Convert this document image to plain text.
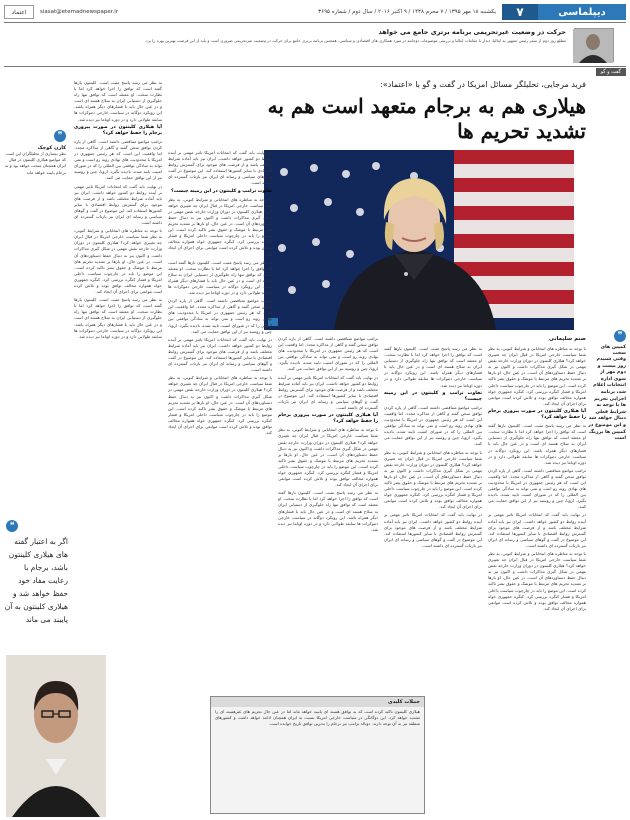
دیپلماسی
۷
یکشنبه ۱۸ مهر ۱۳۹۵ / ۷ محرم ۱۴۳۸ / ۹ اکتبر ۲۰۱۶ / سال دوم / شماره ۳۶۹۵
siasat@etemadnewspaper.ir
اعتماد
حرکت در وضعیت غیرتحریمی برنامه برتری جامع می خواهد
مطلع روز دوم از سفر رئیس جمهور به ایتالیا، دیدار با مقامات ایتالیا و بررسی موضوعات دوجانبه در مورد همکاری های اقتصادی و سیاسی. همچنین برنامه برتری جامع برای حرکت در وضعیت غیرتحریمی ضروری است و باید از این فرصت بهترین بهره را برد.
گفت و گو
فرید مرجایی، تحلیلگر مسائل امریکا در گفت و گو با «اعتماد»:
هیلاری هم به برجام متعهد است هم به تشدید تحریم ها
صنم سلیمانی	❞
کمپین های سخت
وقتی شنیدم روز بیست و دوم مهر از سوی اداره انتخابات اعلام شد، برنامه اجرایی تحریم ها با توجه به شرایط فعلی دنبال خواهد شد و این موضوع در کمپین ها پررنگ است

با توجه به مناظره های انتخاباتی و شرایط کنونی، به نظر شما سیاست خارجی امریکا در قبال ایران چه تغییری خواهد کرد؟ هیلاری کلینتون در دوران وزارت خارجه نقش مهمی در شکل گیری مذاکرات داشت و اکنون نیز به دنبال حفظ دستاوردهای آن است. در عین حال، او بارها بر تشدید تحریم های مرتبط با موشک و حقوق بشر تاکید کرده است. این موضع را باید در چارچوب سیاست داخلی امریکا و فشار کنگره بررسی کرد. کنگره جمهوری خواه همواره مخالف توافق بوده و تلاش کرده است موانعی برای اجرای آن ایجاد کند.

آیا هیلاری کلینتون در صورت پیروزی برجام را حفظ خواهد کرد؟

به نظر می رسد پاسخ مثبت است. کلینتون بارها گفته است که توافق را اجرا خواهد کرد اما با نظارت سخت. او معتقد است که توافق تنها راه جلوگیری از دستیابی ایران به سلاح هسته ای است و در عین حال باید با فشارهای دیگر همراه باشد. این رویکرد دوگانه در سیاست خارجی دموکرات ها سابقه طولانی دارد و در دوره اوباما نیز دیده شد.

ترامپ مواضع متناقضی داشته است. گاهی از پاره کردن توافق سخن گفته و گاهی از مذاکره مجدد. اما واقعیت این است که هر رئیس جمهوری در امریکا با محدودیت های نهادی روبه رو است و نمی تواند به سادگی توافقی بین المللی را که در شورای امنیت تایید شده، نادیده بگیرد. اروپا، چین و روسیه نیز از این توافق حمایت می کنند.

در نهایت باید گفت که انتخابات امریکا تاثیر مهمی بر آینده روابط دو کشور خواهد داشت. ایران نیز باید آماده شرایط مختلف باشد و از فرصت های موجود برای گسترش روابط اقتصادی با سایر کشورها استفاده کند. این موضوع در گفت و گوهای سیاسی و رسانه ای ایران نیز بازتاب گسترده ای داشته است.

با توجه به مناظره های انتخاباتی و شرایط کنونی، به نظر شما سیاست خارجی امریکا در قبال ایران چه تغییری خواهد کرد؟ هیلاری کلینتون در دوران وزارت خارجه نقش مهمی در شکل گیری مذاکرات داشت و اکنون نیز به دنبال حفظ دستاوردهای آن است. در عین حال، او بارها بر تشدید تحریم های مرتبط با موشک و حقوق بشر تاکید کرده است. این موضع را باید در چارچوب سیاست داخلی امریکا و فشار کنگره بررسی کرد. کنگره جمهوری خواه همواره مخالف توافق بوده و تلاش کرده است موانعی برای اجرای آن ایجاد کند.

به نظر می رسد پاسخ مثبت است. کلینتون بارها گفته است که توافق را اجرا خواهد کرد اما با نظارت سخت. او معتقد است که توافق تنها راه جلوگیری از دستیابی ایران به سلاح هسته ای است و در عین حال باید با فشارهای دیگر همراه باشد. این رویکرد دوگانه در سیاست خارجی دموکرات ها سابقه طولانی دارد و در دوره اوباما نیز دیده شد.

تفاوت ترامپ و کلینتون در این زمینه چیست؟

ترامپ مواضع متناقضی داشته است. گاهی از پاره کردن توافق سخن گفته و گاهی از مذاکره مجدد. اما واقعیت این است که هر رئیس جمهوری در امریکا با محدودیت های نهادی روبه رو است و نمی تواند به سادگی توافقی بین المللی را که در شورای امنیت تایید شده، نادیده بگیرد. اروپا، چین و روسیه نیز از این توافق حمایت می کنند.

با توجه به مناظره های انتخاباتی و شرایط کنونی، به نظر شما سیاست خارجی امریکا در قبال ایران چه تغییری خواهد کرد؟ هیلاری کلینتون در دوران وزارت خارجه نقش مهمی در شکل گیری مذاکرات داشت و اکنون نیز به دنبال حفظ دستاوردهای آن است. در عین حال، او بارها بر تشدید تحریم های مرتبط با موشک و حقوق بشر تاکید کرده است. این موضع را باید در چارچوب سیاست داخلی امریکا و فشار کنگره بررسی کرد. کنگره جمهوری خواه همواره مخالف توافق بوده و تلاش کرده است موانعی برای اجرای آن ایجاد کند.

در نهایت باید گفت که انتخابات امریکا تاثیر مهمی بر آینده روابط دو کشور خواهد داشت. ایران نیز باید آماده شرایط مختلف باشد و از فرصت های موجود برای گسترش روابط اقتصادی با سایر کشورها استفاده کند. این موضوع در گفت و گوهای سیاسی و رسانه ای ایران نیز بازتاب گسترده ای داشته است.

ترامپ مواضع متناقضی داشته است. گاهی از پاره کردن توافق سخن گفته و گاهی از مذاکره مجدد. اما واقعیت این است که هر رئیس جمهوری در امریکا با محدودیت های نهادی روبه رو است و نمی تواند به سادگی توافقی بین المللی را که در شورای امنیت تایید شده، نادیده بگیرد. اروپا، چین و روسیه نیز از این توافق حمایت می کنند.

در نهایت باید گفت که انتخابات امریکا تاثیر مهمی بر آینده روابط دو کشور خواهد داشت. ایران نیز باید آماده شرایط مختلف باشد و از فرصت های موجود برای گسترش روابط اقتصادی با سایر کشورها استفاده کند. این موضوع در گفت و گوهای سیاسی و رسانه ای ایران نیز بازتاب گسترده ای داشته است.

آیا هیلاری کلینتون در صورت پیروزی برجام را حفظ خواهد کرد؟

با توجه به مناظره های انتخاباتی و شرایط کنونی، به نظر شما سیاست خارجی امریکا در قبال ایران چه تغییری خواهد کرد؟ هیلاری کلینتون در دوران وزارت خارجه نقش مهمی در شکل گیری مذاکرات داشت و اکنون نیز به دنبال حفظ دستاوردهای آن است. در عین حال، او بارها بر تشدید تحریم های مرتبط با موشک و حقوق بشر تاکید کرده است. این موضع را باید در چارچوب سیاست داخلی امریکا و فشار کنگره بررسی کرد. کنگره جمهوری خواه همواره مخالف توافق بوده و تلاش کرده است موانعی برای اجرای آن ایجاد کند.

به نظر می رسد پاسخ مثبت است. کلینتون بارها گفته است که توافق را اجرا خواهد کرد اما با نظارت سخت. او معتقد است که توافق تنها راه جلوگیری از دستیابی ایران به سلاح هسته ای است و در عین حال باید با فشارهای دیگر همراه باشد. این رویکرد دوگانه در سیاست خارجی دموکرات ها سابقه طولانی دارد و در دوره اوباما نیز دیده شد.

در نهایت باید گفت که انتخابات امریکا تاثیر مهمی بر آینده روابط دو کشور خواهد داشت. ایران نیز باید آماده شرایط مختلف باشد و از فرصت های موجود برای گسترش روابط اقتصادی با سایر کشورها استفاده کند. این موضوع در گفت و گوهای سیاسی و رسانه ای ایران نیز بازتاب گسترده ای داشته است.

تفاوت ترامپ و کلینتون در این زمینه چیست؟

با توجه به مناظره های انتخاباتی و شرایط کنونی، به نظر شما سیاست خارجی امریکا در قبال ایران چه تغییری خواهد کرد؟ هیلاری کلینتون در دوران وزارت خارجه نقش مهمی در شکل گیری مذاکرات داشت و اکنون نیز به دنبال حفظ دستاوردهای آن است. در عین حال، او بارها بر تشدید تحریم های مرتبط با موشک و حقوق بشر تاکید کرده است. این موضع را باید در چارچوب سیاست داخلی امریکا و فشار کنگره بررسی کرد. کنگره جمهوری خواه همواره مخالف توافق بوده و تلاش کرده است موانعی برای اجرای آن ایجاد کند.

به نظر می رسد پاسخ مثبت است. کلینتون بارها گفته است که توافق را اجرا خواهد کرد اما با نظارت سخت. او معتقد است که توافق تنها راه جلوگیری از دستیابی ایران به سلاح هسته ای است و در عین حال باید با فشارهای دیگر همراه باشد. این رویکرد دوگانه در سیاست خارجی دموکرات ها سابقه طولانی دارد و در دوره اوباما نیز دیده شد.

ترامپ مواضع متناقضی داشته است. گاهی از پاره کردن توافق سخن گفته و گاهی از مذاکره مجدد. اما واقعیت این است که هر رئیس جمهوری در امریکا با محدودیت های نهادی روبه رو است و نمی تواند به سادگی توافقی بین المللی را که در شورای امنیت تایید شده، نادیده بگیرد. اروپا، چین و روسیه نیز از این توافق حمایت می کنند.

در نهایت باید گفت که انتخابات امریکا تاثیر مهمی بر آینده روابط دو کشور خواهد داشت. ایران نیز باید آماده شرایط مختلف باشد و از فرصت های موجود برای گسترش روابط اقتصادی با سایر کشورها استفاده کند. این موضوع در گفت و گوهای سیاسی و رسانه ای ایران نیز بازتاب گسترده ای داشته است.

با توجه به مناظره های انتخاباتی و شرایط کنونی، به نظر شما سیاست خارجی امریکا در قبال ایران چه تغییری خواهد کرد؟ هیلاری کلینتون در دوران وزارت خارجه نقش مهمی در شکل گیری مذاکرات داشت و اکنون نیز به دنبال حفظ دستاوردهای آن است. در عین حال، او بارها بر تشدید تحریم های مرتبط با موشک و حقوق بشر تاکید کرده است. این موضع را باید در چارچوب سیاست داخلی امریکا و فشار کنگره بررسی کرد. کنگره جمهوری خواه همواره مخالف توافق بوده و تلاش کرده است موانعی برای اجرای آن ایجاد کند.

به نظر می رسد پاسخ مثبت است. کلینتون بارها گفته است که توافق را اجرا خواهد کرد اما با نظارت سخت. او معتقد است که توافق تنها راه جلوگیری از دستیابی ایران به سلاح هسته ای است و در عین حال باید با فشارهای دیگر همراه باشد. این رویکرد دوگانه در سیاست خارجی دموکرات ها سابقه طولانی دارد و در دوره اوباما نیز دیده شد.

آیا هیلاری کلینتون در صورت پیروزی برجام را حفظ خواهد کرد؟

ترامپ مواضع متناقضی داشته است. گاهی از پاره کردن توافق سخن گفته و گاهی از مذاکره مجدد. اما واقعیت این است که هر رئیس جمهوری در امریکا با محدودیت های نهادی روبه رو است و نمی تواند به سادگی توافقی بین المللی را که در شورای امنیت تایید شده، نادیده بگیرد. اروپا، چین و روسیه نیز از این توافق حمایت می کنند.

در نهایت باید گفت که انتخابات امریکا تاثیر مهمی بر آینده روابط دو کشور خواهد داشت. ایران نیز باید آماده شرایط مختلف باشد و از فرصت های موجود برای گسترش روابط اقتصادی با سایر کشورها استفاده کند. این موضوع در گفت و گوهای سیاسی و رسانه ای ایران نیز بازتاب گسترده ای داشته است.

با توجه به مناظره های انتخاباتی و شرایط کنونی، به نظر شما سیاست خارجی امریکا در قبال ایران چه تغییری خواهد کرد؟ هیلاری کلینتون در دوران وزارت خارجه نقش مهمی در شکل گیری مذاکرات داشت و اکنون نیز به دنبال حفظ دستاوردهای آن است. در عین حال، او بارها بر تشدید تحریم های مرتبط با موشک و حقوق بشر تاکید کرده است. این موضع را باید در چارچوب سیاست داخلی امریکا و فشار کنگره بررسی کرد. کنگره جمهوری خواه همواره مخالف توافق بوده و تلاش کرده است موانعی برای اجرای آن ایجاد کند.

به نظر می رسد پاسخ مثبت است. کلینتون بارها گفته است که توافق را اجرا خواهد کرد اما با نظارت سخت. او معتقد است که توافق تنها راه جلوگیری از دستیابی ایران به سلاح هسته ای است و در عین حال باید با فشارهای دیگر همراه باشد. این رویکرد دوگانه در سیاست خارجی دموکرات ها سابقه طولانی دارد و در دوره اوباما نیز دیده شد.

❞
کارن کوچک
نظر بسیاری از تحلیلگران این است که مواضع هیلاری کلینتون در قبال ایران همچنان سخت خواهد بود و به برجام پایبند خواهد ماند
❝
اگر به اعتبار گفته های هیلاری کلینتون باشد، برجام با رعایت مفاد خود حفظ خواهد شد و هیلاری کلینتون به آن پایبند می ماند
جملات کلیدی
هیلاری کلینتون تاکید کرده است که به توافق هسته ای پایبند خواهد ماند اما در عین حال تحریم های غیرهسته ای را تشدید خواهد کرد. این دوگانگی در سیاست خارجی امریکا نسبت به ایران همچنان ادامه خواهد داشت و کشورهای منطقه نیز به آن توجه دارند. دونالد ترامپ نیز برجام را بدترین توافق تاریخ خوانده است.
